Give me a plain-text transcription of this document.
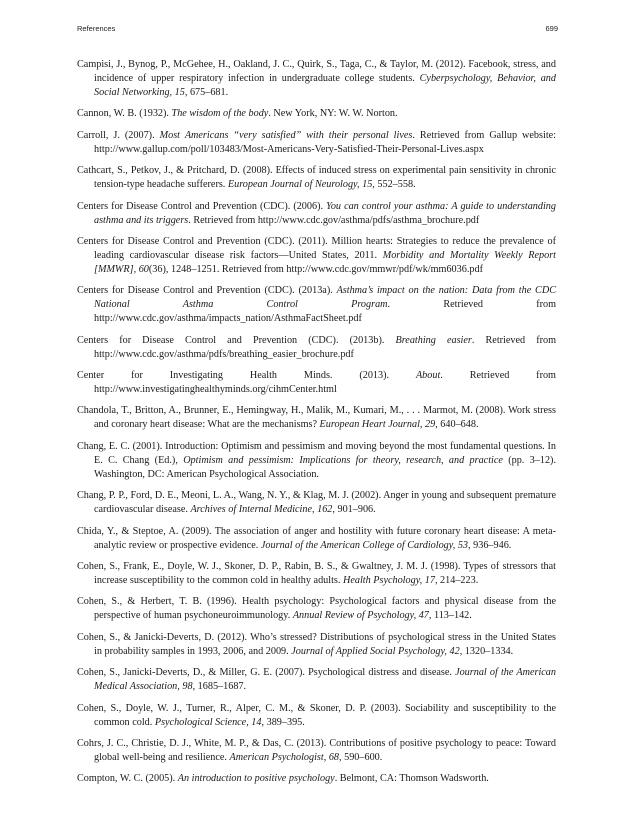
References	699

Campisi, J., Bynog, P., McGehee, H., Oakland, J. C., Quirk, S., Taga, C., & Taylor, M. (2012). Facebook, stress, and incidence of upper respiratory infection in undergraduate college students. Cyberpsychology, Behavior, and Social Networking, 15, 675–681.

Cannon, W. B. (1932). The wisdom of the body. New York, NY: W. W. Norton.

Carroll, J. (2007). Most Americans “very satisfied” with their personal lives. Retrieved from Gallup website: http://www.gallup.com/poll/103483/Most-Americans-Very-Satisfied-Their-Personal-Lives.aspx

Cathcart, S., Petkov, J., & Pritchard, D. (2008). Effects of induced stress on experimental pain sensitivity in chronic tension-type headache sufferers. European Journal of Neurology, 15, 552–558.

Centers for Disease Control and Prevention (CDC). (2006). You can control your asthma: A guide to understanding asthma and its triggers. Retrieved from http://www.cdc.gov/asthma/pdfs/asthma_brochure.pdf

Centers for Disease Control and Prevention (CDC). (2011). Million hearts: Strategies to reduce the prevalence of leading cardiovascular disease risk factors—United States, 2011. Morbidity and Mortality Weekly Report [MMWR], 60(36), 1248–1251. Retrieved from http://www.cdc.gov/mmwr/pdf/wk/mm6036.pdf

Centers for Disease Control and Prevention (CDC). (2013a). Asthma’s impact on the nation: Data from the CDC National Asthma Control Program. Retrieved from http://www.cdc.gov/asthma/impacts_nation/AsthmaFactSheet.pdf

Centers for Disease Control and Prevention (CDC). (2013b). Breathing easier. Retrieved from http://www.cdc.gov/asthma/pdfs/breathing_easier_brochure.pdf

Center for Investigating Health Minds. (2013). About. Retrieved from http://www.investigatinghealthyminds.org/cihmCenter.html

Chandola, T., Britton, A., Brunner, E., Hemingway, H., Malik, M., Kumari, M., . . . Marmot, M. (2008). Work stress and coronary heart disease: What are the mechanisms? European Heart Journal, 29, 640–648.

Chang, E. C. (2001). Introduction: Optimism and pessimism and moving beyond the most fundamental questions. In E. C. Chang (Ed.), Optimism and pessimism: Implications for theory, research, and practice (pp. 3–12). Washington, DC: American Psychological Association.

Chang, P. P., Ford, D. E., Meoni, L. A., Wang, N. Y., & Klag, M. J. (2002). Anger in young and subsequent premature cardiovascular disease. Archives of Internal Medicine, 162, 901–906.

Chida, Y., & Steptoe, A. (2009). The association of anger and hostility with future coronary heart disease: A meta-analytic review or prospective evidence. Journal of the American College of Cardiology, 53, 936–946.

Cohen, S., Frank, E., Doyle, W. J., Skoner, D. P., Rabin, B. S., & Gwaltney, J. M. J. (1998). Types of stressors that increase susceptibility to the common cold in healthy adults. Health Psychology, 17, 214–223.

Cohen, S., & Herbert, T. B. (1996). Health psychology: Psychological factors and physical disease from the perspective of human psychoneuroimmunology. Annual Review of Psychology, 47, 113–142.

Cohen, S., & Janicki-Deverts, D. (2012). Who’s stressed? Distributions of psychological stress in the United States in probability samples in 1993, 2006, and 2009. Journal of Applied Social Psychology, 42, 1320–1334.

Cohen, S., Janicki-Deverts, D., & Miller, G. E. (2007). Psychological distress and disease. Journal of the American Medical Association, 98, 1685–1687.

Cohen, S., Doyle, W. J., Turner, R., Alper, C. M., & Skoner, D. P. (2003). Sociability and susceptibility to the common cold. Psychological Science, 14, 389–395.

Cohrs, J. C., Christie, D. J., White, M. P., & Das, C. (2013). Contributions of positive psychology to peace: Toward global well-being and resilience. American Psychologist, 68, 590–600.

Compton, W. C. (2005). An introduction to positive psychology. Belmont, CA: Thomson Wadsworth.
